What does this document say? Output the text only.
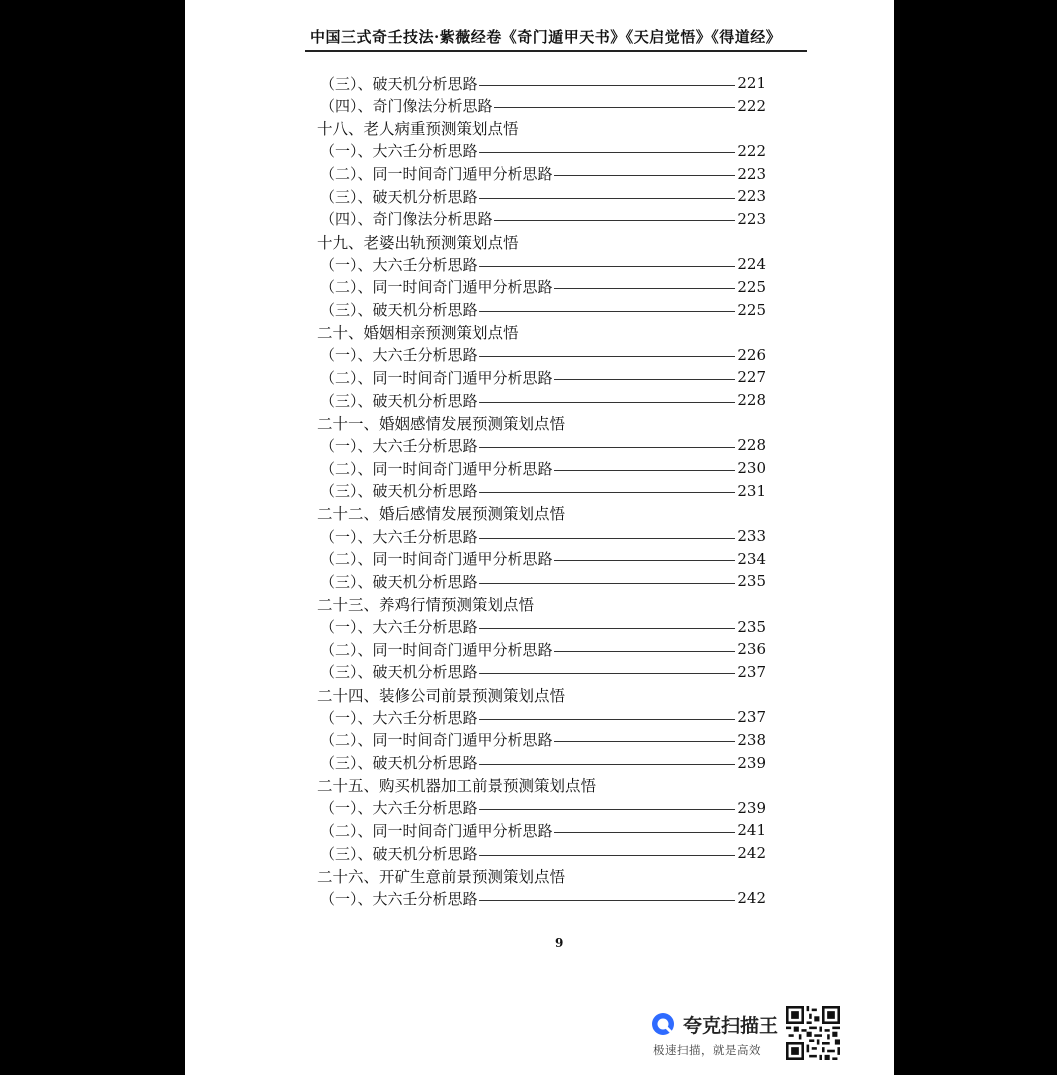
中国三式奇壬技法·紫薇经卷《奇门遁甲天书》《天启觉悟》《得道经》
（三）、破天机分析思路	221
（四）、奇门像法分析思路	222
十八、老人病重预测策划点悟
（一）、大六壬分析思路	222
（二）、同一时间奇门遁甲分析思路	223
（三）、破天机分析思路	223
（四）、奇门像法分析思路	223
十九、老婆出轨预测策划点悟
（一）、大六壬分析思路	224
（二）、同一时间奇门遁甲分析思路	225
（三）、破天机分析思路	225
二十、婚姻相亲预测策划点悟
（一）、大六壬分析思路	226
（二）、同一时间奇门遁甲分析思路	227
（三）、破天机分析思路	228
二十一、婚姻感情发展预测策划点悟
（一）、大六壬分析思路	228
（二）、同一时间奇门遁甲分析思路	230
（三）、破天机分析思路	231
二十二、婚后感情发展预测策划点悟
（一）、大六壬分析思路	233
（二）、同一时间奇门遁甲分析思路	234
（三）、破天机分析思路	235
二十三、养鸡行情预测策划点悟
（一）、大六壬分析思路	235
（二）、同一时间奇门遁甲分析思路	236
（三）、破天机分析思路	237
二十四、装修公司前景预测策划点悟
（一）、大六壬分析思路	237
（二）、同一时间奇门遁甲分析思路	238
（三）、破天机分析思路	239
二十五、购买机器加工前景预测策划点悟
（一）、大六壬分析思路	239
（二）、同一时间奇门遁甲分析思路	241
（三）、破天机分析思路	242
二十六、开矿生意前景预测策划点悟
（一）、大六壬分析思路	242
9
夸克扫描王
极速扫描，就是高效
